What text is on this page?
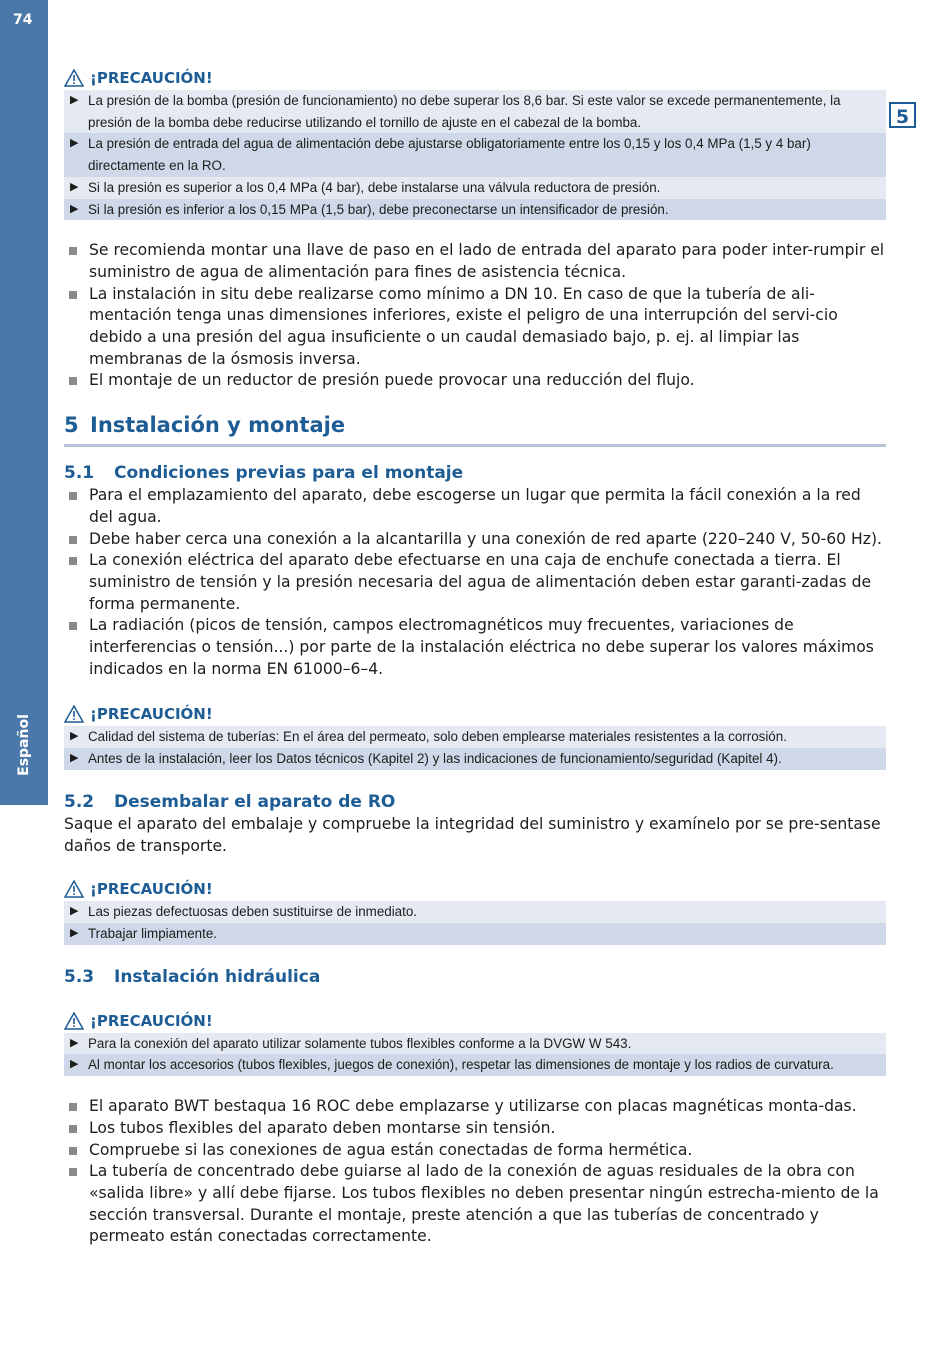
74
Español
5
¡PRECAUCIÓN!
▶ La presión de la bomba (presión de funcionamiento) no debe superar los 8,6 bar. Si este valor se excede permanentemente, la presión de la bomba debe reducirse utilizando el tornillo de ajuste en el cabezal de la bomba.
▶ La presión de entrada del agua de alimentación debe ajustarse obligatoriamente entre los 0,15 y los 0,4 MPa (1,5 y 4 bar) directamente en la RO.
▶ Si la presión es superior a los 0,4 MPa (4 bar), debe instalarse una válvula reductora de presión.
▶ Si la presión es inferior a los 0,15 MPa (1,5 bar), debe preconectarse un intensificador de presión.
Se recomienda montar una llave de paso en el lado de entrada del aparato para poder inter-rumpir el suministro de agua de alimentación para fines de asistencia técnica.
La instalación in situ debe realizarse como mínimo a DN 10. En caso de que la tubería de ali-mentación tenga unas dimensiones inferiores, existe el peligro de una interrupción del servi-cio debido a una presión del agua insuficiente o un caudal demasiado bajo, p. ej. al limpiar las membranas de la ósmosis inversa.
El montaje de un reductor de presión puede provocar una reducción del flujo.
5 Instalación y montaje
5.1	Condiciones previas para el montaje
Para el emplazamiento del aparato, debe escogerse un lugar que permita la fácil conexión a la red del agua.
Debe haber cerca una conexión a la alcantarilla y una conexión de red aparte (220–240 V, 50-60 Hz).
La conexión eléctrica del aparato debe efectuarse en una caja de enchufe conectada a tierra. El suministro de tensión y la presión necesaria del agua de alimentación deben estar garanti-zadas de forma permanente.
La radiación (picos de tensión, campos electromagnéticos muy frecuentes, variaciones de interferencias o tensión...) por parte de la instalación eléctrica no debe superar los valores máximos indicados en la norma EN 61000–6–4.
¡PRECAUCIÓN!
▶ Calidad del sistema de tuberías: En el área del permeato, solo deben emplearse materiales resistentes a la corrosión.
▶ Antes de la instalación, leer los Datos técnicos (Kapitel 2) y las indicaciones de funcionamiento/seguridad (Kapitel 4).
5.2	Desembalar el aparato de RO
Saque el aparato del embalaje y compruebe la integridad del suministro y examínelo por se pre-sentase daños de transporte.
¡PRECAUCIÓN!
▶ Las piezas defectuosas deben sustituirse de inmediato.
▶ Trabajar limpiamente.
5.3	Instalación hidráulica
¡PRECAUCIÓN!
▶ Para la conexión del aparato utilizar solamente tubos flexibles conforme a la DVGW W 543.
▶ Al montar los accesorios (tubos flexibles, juegos de conexión), respetar las dimensiones de montaje y los radios de curvatura.
El aparato BWT bestaqua 16 ROC debe emplazarse y utilizarse con placas magnéticas monta-das.
Los tubos flexibles del aparato deben montarse sin tensión.
Compruebe si las conexiones de agua están conectadas de forma hermética.
La tubería de concentrado debe guiarse al lado de la conexión de aguas residuales de la obra con «salida libre» y allí debe fijarse. Los tubos flexibles no deben presentar ningún estrecha-miento de la sección transversal. Durante el montaje, preste atención a que las tuberías de concentrado y permeato están conectadas correctamente.
